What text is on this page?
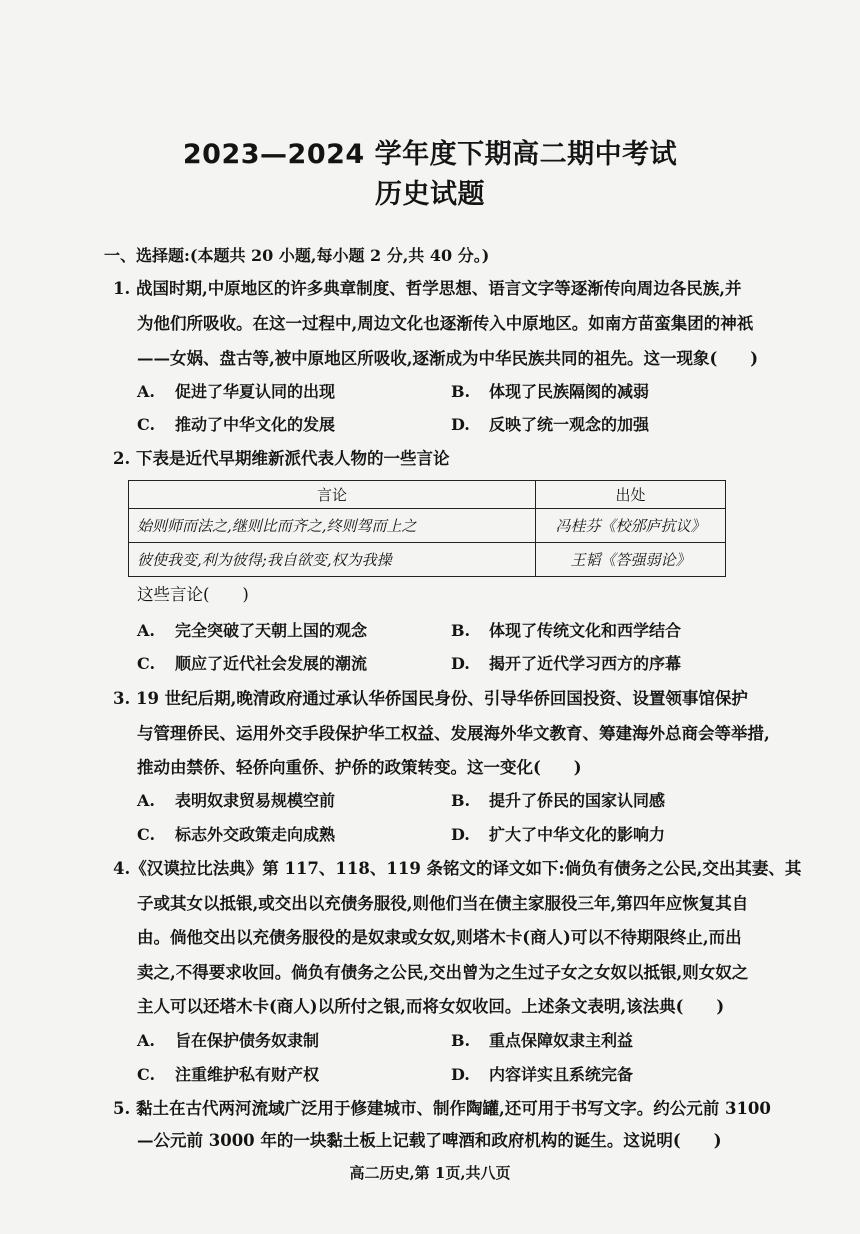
2023—2024 学年度下期高二期中考试
历史试题
一、选择题:(本题共 20 小题,每小题 2 分,共 40 分。)
1. 战国时期,中原地区的许多典章制度、哲学思想、语言文字等逐渐传向周边各民族,并
为他们所吸收。在这一过程中,周边文化也逐渐传入中原地区。如南方苗蛮集团的神祇
——女娲、盘古等,被中原地区所吸收,逐渐成为中华民族共同的祖先。这一现象(　　)
A. 促进了华夏认同的出现	B. 体现了民族隔阂的减弱
C. 推动了中华文化的发展	D. 反映了统一观念的加强
2. 下表是近代早期维新派代表人物的一些言论
言论	出处
始则师而法之,继则比而齐之,终则驾而上之	冯桂芬《校邠庐抗议》
彼使我变,利为彼得;我自欲变,权为我操	王韬《答强弱论》
这些言论(　　)
A. 完全突破了天朝上国的观念	B. 体现了传统文化和西学结合
C. 顺应了近代社会发展的潮流	D. 揭开了近代学习西方的序幕
3. 19 世纪后期,晚清政府通过承认华侨国民身份、引导华侨回国投资、设置领事馆保护
与管理侨民、运用外交手段保护华工权益、发展海外华文教育、筹建海外总商会等举措,
推动由禁侨、轻侨向重侨、护侨的政策转变。这一变化(　　)
A. 表明奴隶贸易规模空前	B. 提升了侨民的国家认同感
C. 标志外交政策走向成熟	D. 扩大了中华文化的影响力
4.《汉谟拉比法典》第 117、118、119 条铭文的译文如下:倘负有债务之公民,交出其妻、其
子或其女以抵银,或交出以充债务服役,则他们当在债主家服役三年,第四年应恢复其自
由。倘他交出以充债务服役的是奴隶或女奴,则塔木卡(商人)可以不待期限终止,而出
卖之,不得要求收回。倘负有债务之公民,交出曾为之生过子女之女奴以抵银,则女奴之
主人可以还塔木卡(商人)以所付之银,而将女奴收回。上述条文表明,该法典(　　)
A. 旨在保护债务奴隶制	B. 重点保障奴隶主利益
C. 注重维护私有财产权	D. 内容详实且系统完备
5. 黏土在古代两河流域广泛用于修建城市、制作陶罐,还可用于书写文字。约公元前 3100
—公元前 3000 年的一块黏土板上记载了啤酒和政府机构的诞生。这说明(　　)
高二历史,第 1页,共八页
